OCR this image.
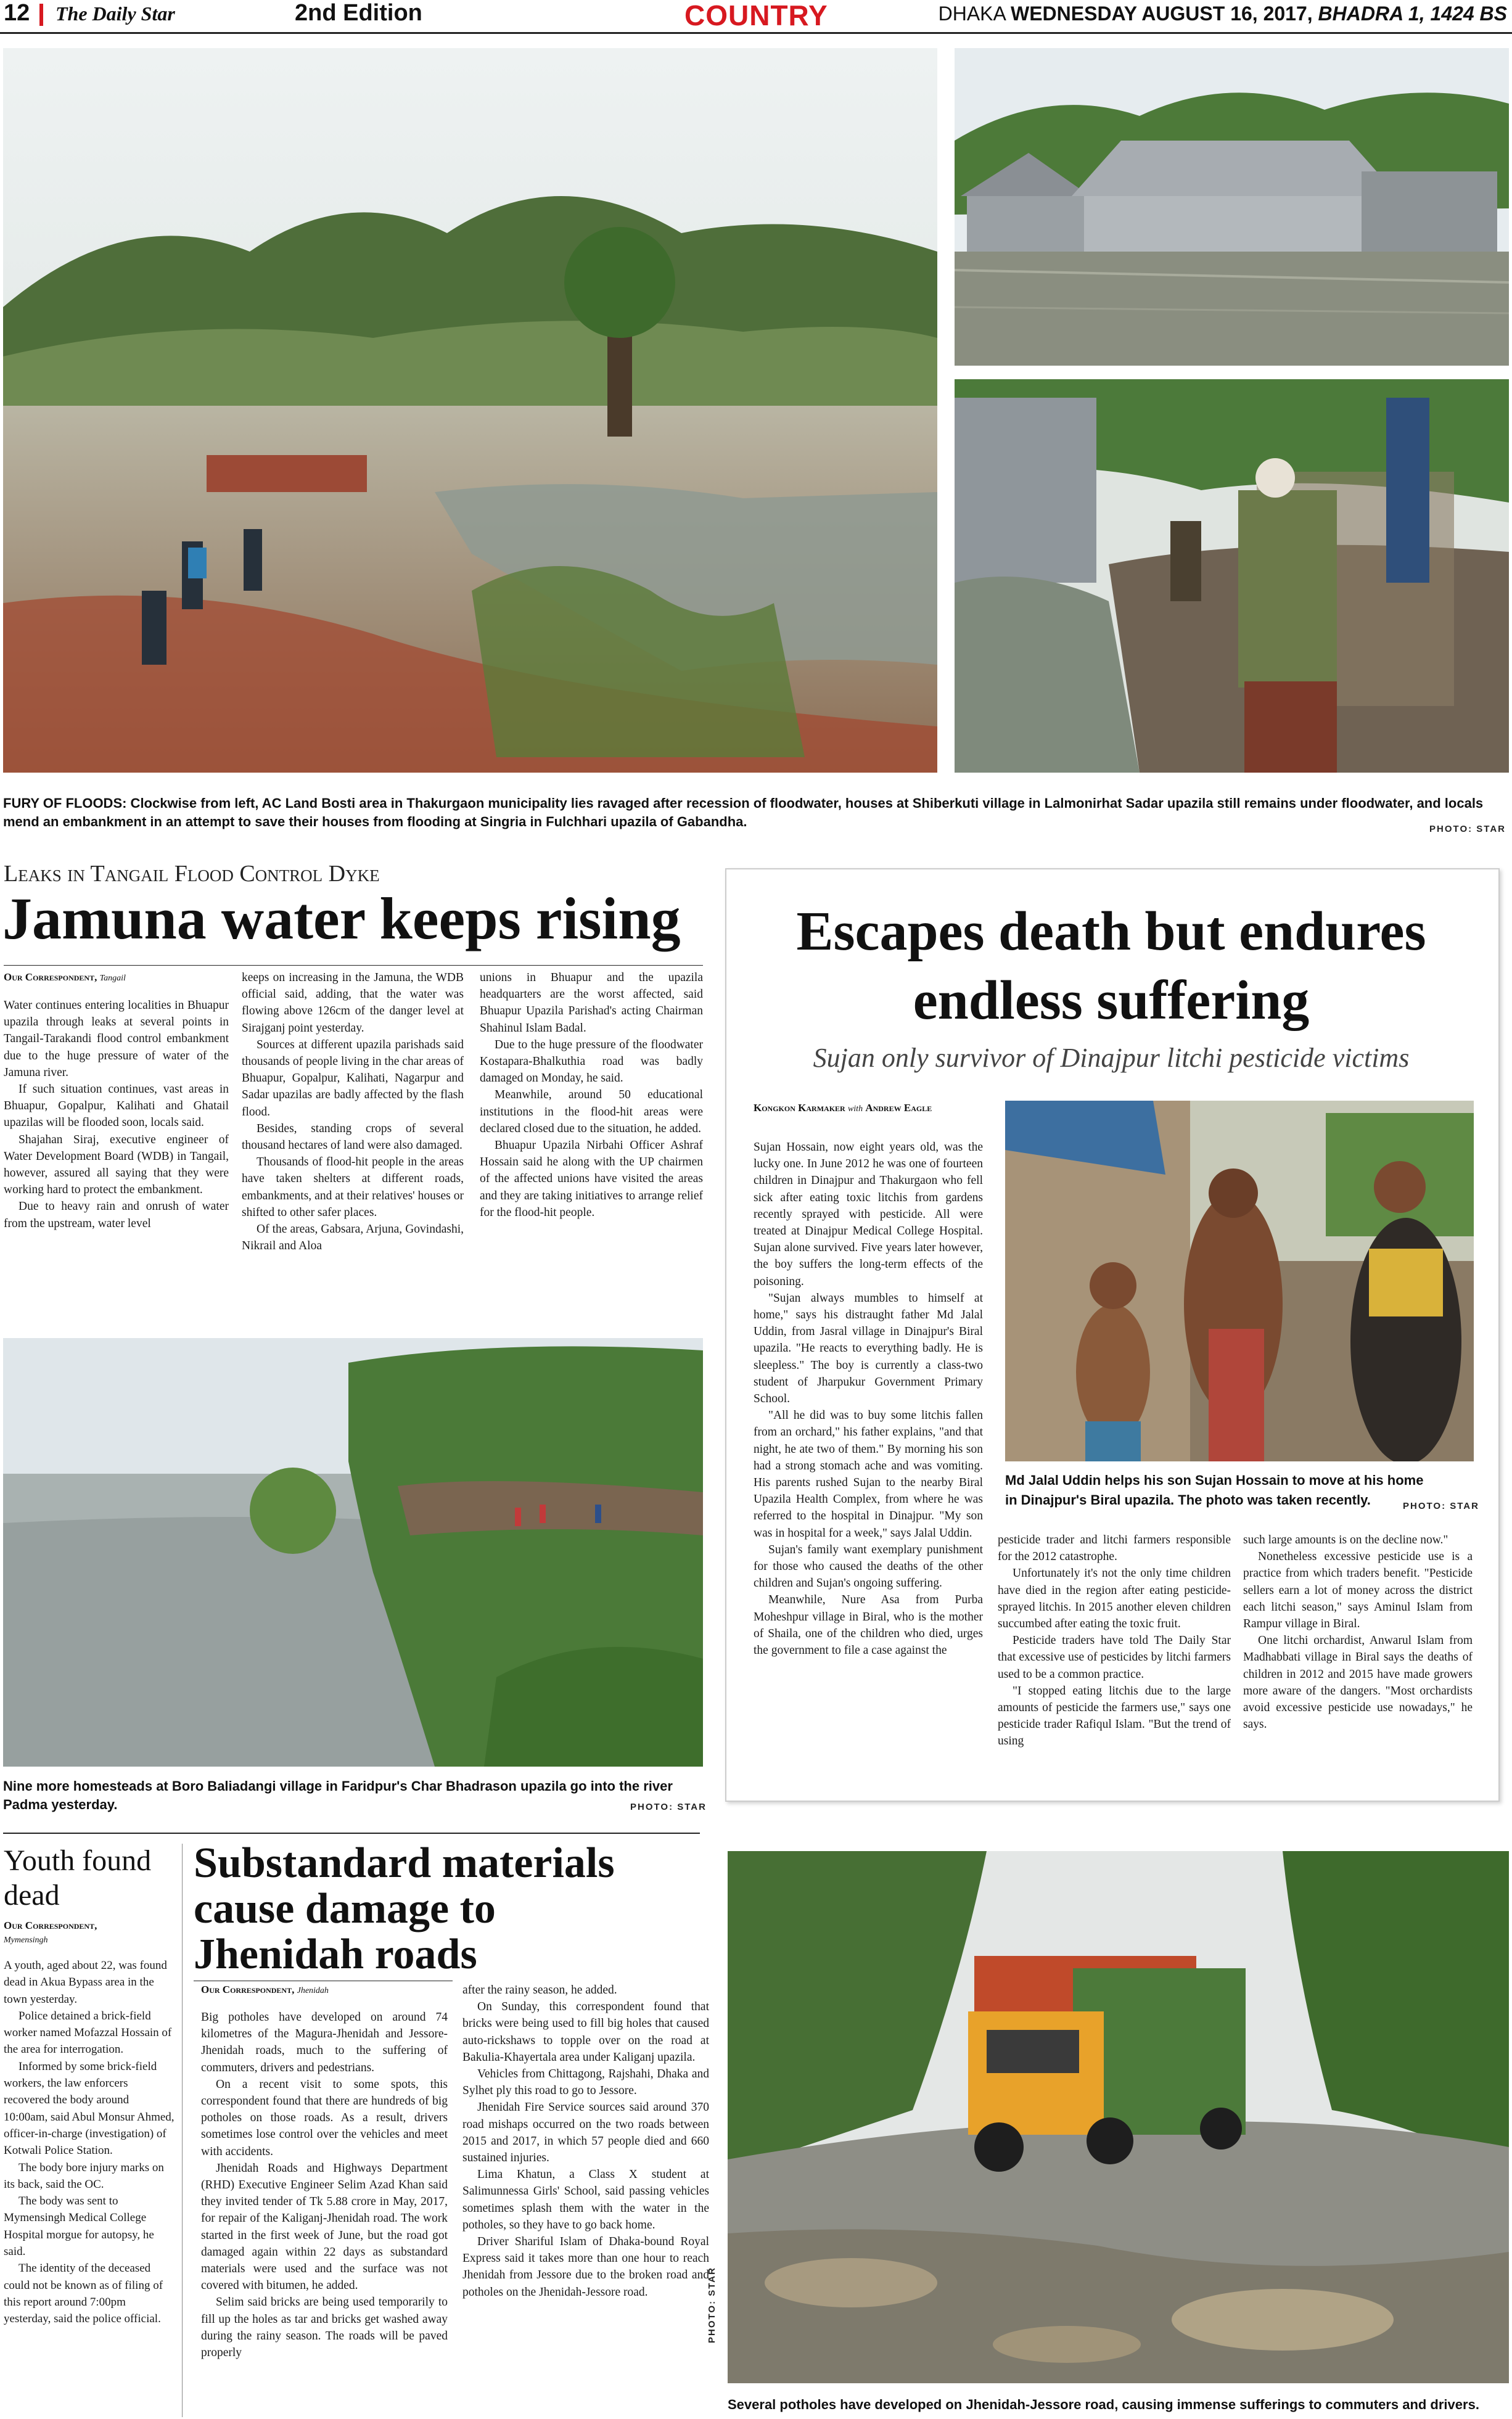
12 The Daily Star	2nd Edition	COUNTRY	DHAKA WEDNESDAY AUGUST 16, 2017, BHADRA 1, 1424 BS
FURY OF FLOODS: Clockwise from left, AC Land Bosti area in Thakurgaon municipality lies ravaged after recession of floodwater, houses at Shiberkuti village in Lalmonirhat Sadar upazila still remains under floodwater, and locals mend an embankment in an attempt to save their houses from flooding at Singria in Fulchhari upazila of Gabandha.	PHOTO: STAR
Leaks in Tangail Flood Control Dyke
Jamuna water keeps rising
Our Correspondent, Tangail

Water continues entering localities in Bhuapur upazila through leaks at several points in Tangail-Tarakandi flood control embankment due to the huge pressure of water of the Jamuna river.

If such situation continues, vast areas in Bhuapur, Gopalpur, Kalihati and Ghatail upazilas will be flooded soon, locals said.

Shajahan Siraj, executive engineer of Water Development Board (WDB) in Tangail, however, assured all saying that they were working hard to protect the embankment.

Due to heavy rain and onrush of water from the upstream, water level

keeps on increasing in the Jamuna, the WDB official said, adding, that the water was flowing above 126cm of the danger level at Sirajganj point yesterday.

Sources at different upazila parishads said thousands of people living in the char areas of Bhuapur, Gopalpur, Kalihati, Nagarpur and Sadar upazilas are badly affected by the flash flood.

Besides, standing crops of several thousand hectares of land were also damaged.

Thousands of flood-hit people in the areas have taken shelters at different roads, embankments, and at their relatives' houses or shifted to other safer places.

Of the areas, Gabsara, Arjuna, Govindashi, Nikrail and Aloa

unions in Bhuapur and the upazila headquarters are the worst affected, said Bhuapur Upazila Parishad's acting Chairman Shahinul Islam Badal.

Due to the huge pressure of the floodwater Kostapara-Bhalkuthia road was badly damaged on Monday, he said.

Meanwhile, around 50 educational institutions in the flood-hit areas were declared closed due to the situation, he added.

Bhuapur Upazila Nirbahi Officer Ashraf Hossain said he along with the UP chairmen of the affected unions have visited the areas and they are taking initiatives to arrange relief for the flood-hit people.

Nine more homesteads at Boro Baliadangi village in Faridpur's Char Bhadrason upazila go into the river Padma yesterday.	PHOTO: STAR
Escapes death but endures
endless suffering
Sujan only survivor of Dinajpur litchi pesticide victims
Kongkon Karmaker with Andrew Eagle

Sujan Hossain, now eight years old, was the lucky one. In June 2012 he was one of fourteen children in Dinajpur and Thakurgaon who fell sick after eating toxic litchis from gardens recently sprayed with pesticide. All were treated at Dinajpur Medical College Hospital. Sujan alone survived. Five years later however, the boy suffers the long-term effects of the poisoning.

"Sujan always mumbles to himself at home," says his distraught father Md Jalal Uddin, from Jasral village in Dinajpur's Biral upazila. "He reacts to everything badly. He is sleepless." The boy is currently a class-two student of Jharpukur Government Primary School.

"All he did was to buy some litchis fallen from an orchard," his father explains, "and that night, he ate two of them." By morning his son had a strong stomach ache and was vomiting. His parents rushed Sujan to the nearby Biral Upazila Health Complex, from where he was referred to the hospital in Dinajpur. "My son was in hospital for a week," says Jalal Uddin.

Sujan's family want exemplary punishment for those who caused the deaths of the other children and Sujan's ongoing suffering.

Meanwhile, Nure Asa from Purba Moheshpur village in Biral, who is the mother of Shaila, one of the children who died, urges the government to file a case against the

Md Jalal Uddin helps his son Sujan Hossain to move at his home in Dinajpur's Biral upazila. The photo was taken recently.	PHOTO: STAR

pesticide trader and litchi farmers responsible for the 2012 catastrophe.

Unfortunately it's not the only time children have died in the region after eating pesticide-sprayed litchis. In 2015 another eleven children succumbed after eating the toxic fruit.

Pesticide traders have told The Daily Star that excessive use of pesticides by litchi farmers used to be a common practice.

"I stopped eating litchis due to the large amounts of pesticide the farmers use," says one pesticide trader Rafiqul Islam. "But the trend of using

such large amounts is on the decline now."

Nonetheless excessive pesticide use is a practice from which traders benefit. "Pesticide sellers earn a lot of money across the district each litchi season," says Aminul Islam from Rampur village in Biral.

One litchi orchardist, Anwarul Islam from Madhabbati village in Biral says the deaths of children in 2012 and 2015 have made growers more aware of the dangers. "Most orchardists avoid excessive pesticide use nowadays," he says.

Youth found
dead
Our Correspondent,
Mymensingh

A youth, aged about 22, was found dead in Akua Bypass area in the town yesterday.

Police detained a brick-field worker named Mofazzal Hossain of the area for interrogation.

Informed by some brick-field workers, the law enforcers recovered the body around 10:00am, said Abul Monsur Ahmed, officer-in-charge (investigation) of Kotwali Police Station.

The body bore injury marks on its back, said the OC.

The body was sent to Mymensingh Medical College Hospital morgue for autopsy, he said.

The identity of the deceased could not be known as of filing of this report around 7:00pm yesterday, said the police official.

Substandard materials
cause damage to
Jhenidah roads
Our Correspondent, Jhenidah

Big potholes have developed on around 74 kilometres of the Magura-Jhenidah and Jessore-Jhenidah roads, much to the suffering of commuters, drivers and pedestrians.

On a recent visit to some spots, this correspondent found that there are hundreds of big potholes on those roads. As a result, drivers sometimes lose control over the vehicles and meet with accidents.

Jhenidah Roads and Highways Department (RHD) Executive Engineer Selim Azad Khan said they invited tender of Tk 5.88 crore in May, 2017, for repair of the Kaliganj-Jhenidah road. The work started in the first week of June, but the road got damaged again within 22 days as substandard materials were used and the surface was not covered with bitumen, he added.

Selim said bricks are being used temporarily to fill up the holes as tar and bricks get washed away during the rainy season. The roads will be paved properly

after the rainy season, he added.

On Sunday, this correspondent found that bricks were being used to fill big holes that caused auto-rickshaws to topple over on the road at Bakulia-Khayertala area under Kaliganj upazila.

Vehicles from Chittagong, Rajshahi, Dhaka and Sylhet ply this road to go to Jessore.

Jhenidah Fire Service sources said around 370 road mishaps occurred on the two roads between 2015 and 2017, in which 57 people died and 660 sustained injuries.

Lima Khatun, a Class X student at Salimunnessa Girls' School, said passing vehicles sometimes splash them with the water in the potholes, so they have to go back home.

Driver Shariful Islam of Dhaka-bound Royal Express said it takes more than one hour to reach Jhenidah from Jessore due to the broken road and potholes on the Jhenidah-Jessore road.	PHOTO: STAR
Several potholes have developed on Jhenidah-Jessore road, causing immense sufferings to commuters and drivers.
